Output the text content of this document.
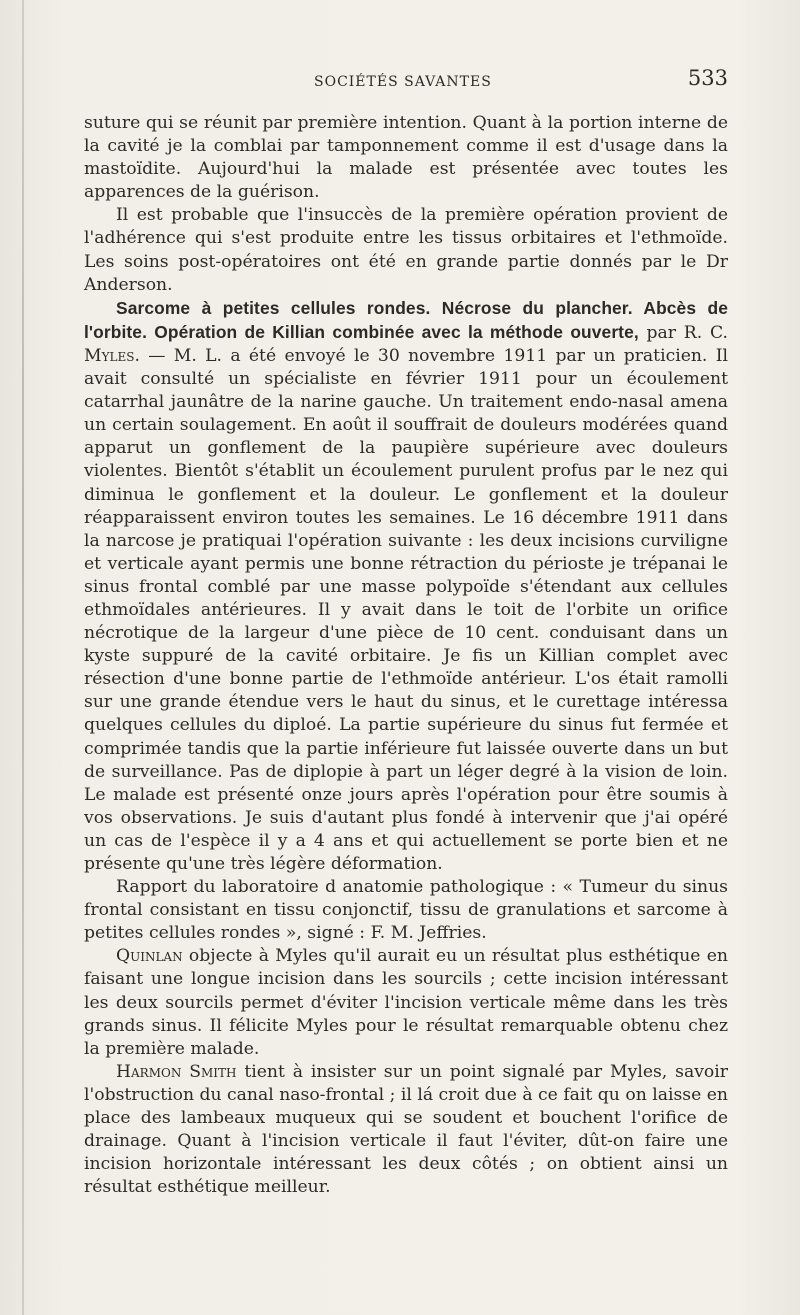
SOCIÉTÉS SAVANTES	533

suture qui se réunit par première intention. Quant à la portion interne de la cavité je la comblai par tamponnement comme il est d'usage dans la mastoïdite. Aujourd'hui la malade est présentée avec toutes les apparences de la guérison.

Il est probable que l'insuccès de la première opération provient de l'adhérence qui s'est produite entre les tissus orbitaires et l'ethmoïde. Les soins post-opératoires ont été en grande partie donnés par le Dr Anderson.

Sarcome à petites cellules rondes. Nécrose du plancher. Abcès de l'orbite. Opération de Killian combinée avec la méthode ouverte, par R. C. Myles. — M. L. a été envoyé le 30 novembre 1911 par un praticien. Il avait consulté un spécialiste en février 1911 pour un écoulement catarrhal jaunâtre de la narine gauche. Un traitement endo-nasal amena un certain soulagement. En août il souffrait de douleurs modérées quand apparut un gonflement de la paupière supérieure avec douleurs violentes. Bientôt s'établit un écoulement purulent profus par le nez qui diminua le gonflement et la douleur. Le gonflement et la douleur réapparaissent environ toutes les semaines. Le 16 décembre 1911 dans la narcose je pratiquai l'opération suivante : les deux incisions curviligne et verticale ayant permis une bonne rétraction du périoste je trépanai le sinus frontal comblé par une masse polypoïde s'étendant aux cellules ethmoïdales antérieures. Il y avait dans le toit de l'orbite un orifice nécrotique de la largeur d'une pièce de 10 cent. conduisant dans un kyste suppuré de la cavité orbitaire. Je fis un Killian complet avec résection d'une bonne partie de l'ethmoïde antérieur. L'os était ramolli sur une grande étendue vers le haut du sinus, et le curettage intéressa quelques cellules du diploé. La partie supérieure du sinus fut fermée et comprimée tandis que la partie inférieure fut laissée ouverte dans un but de surveillance. Pas de diplopie à part un léger degré à la vision de loin. Le malade est présenté onze jours après l'opération pour être soumis à vos observations. Je suis d'autant plus fondé à intervenir que j'ai opéré un cas de l'espèce il y a 4 ans et qui actuellement se porte bien et ne présente qu'une très légère déformation.

Rapport du laboratoire d anatomie pathologique : « Tumeur du sinus frontal consistant en tissu conjonctif, tissu de granulations et sarcome à petites cellules rondes », signé : F. M. Jeffries.

Quinlan objecte à Myles qu'il aurait eu un résultat plus esthétique en faisant une longue incision dans les sourcils ; cette incision intéressant les deux sourcils permet d'éviter l'incision verticale même dans les très grands sinus. Il félicite Myles pour le résultat remarquable obtenu chez la première malade.

Harmon Smith tient à insister sur un point signalé par Myles, savoir l'obstruction du canal naso-frontal ; il lá croit due à ce fait qu on laisse en place des lambeaux muqueux qui se soudent et bouchent l'orifice de drainage. Quant à l'incision verticale il faut l'éviter, dût-on faire une incision horizontale intéressant les deux côtés ; on obtient ainsi un résultat esthétique meilleur.
